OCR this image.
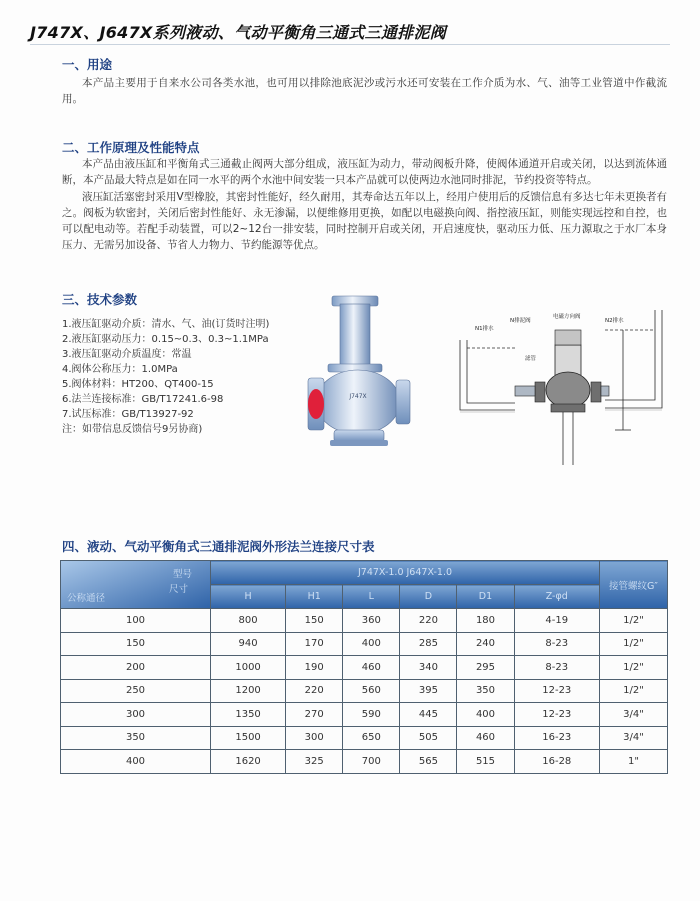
J747X、J647X系列液动、气动平衡角三通式三通排泥阀
一、用途
本产品主要用于自来水公司各类水池，也可用以排除池底泥沙或污水还可安装在工作介质为水、气、油等工业管道中作截流用。
二、工作原理及性能特点
本产品由液压缸和平衡角式三通截止阀两大部分组成，液压缸为动力，带动阀板升降，使阀体通道开启或关闭，以达到流体通断，本产品最大特点是如在同一水平的两个水池中间安装一只本产品就可以使两边水池同时排泥，节约投资等特点。
液压缸活塞密封采用V型橡胶，其密封性能好，经久耐用，其寿命达五年以上，经用户使用后的反馈信息有多达七年未更换者有之。阀板为软密封，关闭后密封性能好、永无渗漏，以便维修用更换，如配以电磁换向阀、指控液压缸，则能实现远控和自控，也可以配电动等。若配手动装置，可以2~12台一排安装，同时控制开启或关闭，开启速度快，驱动压力低、压力源取之于水厂本身压力、无需另加设备、节省人力物力、节约能源等优点。
三、技术参数
1.液压缸驱动介质：清水、气、油(订货时注明)
2.液压缸驱动压力：0.15~0.3、0.3~1.1MPa
3.液压缸驱动介质温度：常温
4.阀体公称压力：1.0MPa
5.阀体材料：HT200、QT400-15
6.法兰连接标准：GB/T17241.6-98
7.试压标准：GB/T13927-92
注：如带信息反馈信号9另协商)
J747X
N1排水
N排泥阀
电磁方向阀
N2排水
滤管
四、液动、气动平衡角式三通排泥阀外形法兰连接尺寸表
型号
尺寸
公称通径	J747X-1.0 J647X-1.0						接管螺纹G″
	H	H1	L	D	D1	Z-φd	
100	800	150	360	220	180	4-19	1/2"
150	940	170	400	285	240	8-23	1/2"
200	1000	190	460	340	295	8-23	1/2"
250	1200	220	560	395	350	12-23	1/2"
300	1350	270	590	445	400	12-23	3/4"
350	1500	300	650	505	460	16-23	3/4"
400	1620	325	700	565	515	16-28	1"
